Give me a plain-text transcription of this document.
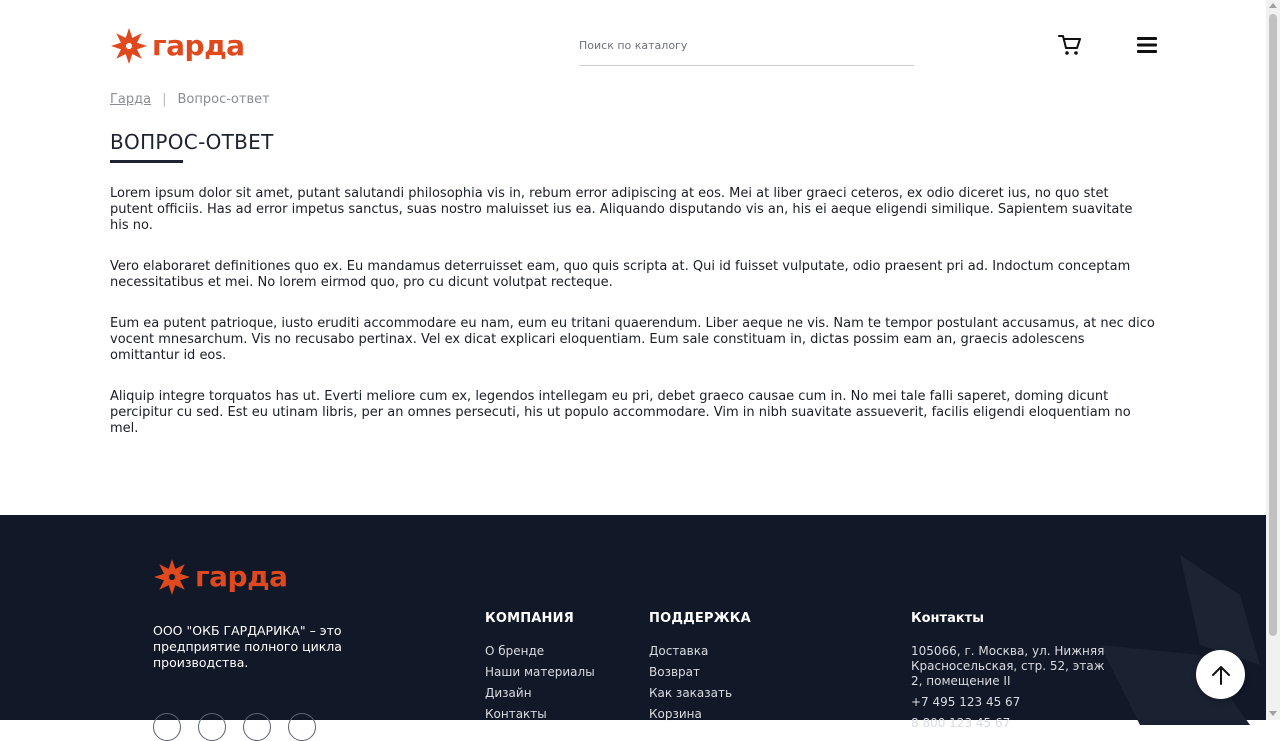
гарда
Поиск по каталогу
Гарда | Вопрос-ответ
ВОПРОС-ОТВЕТ

Lorem ipsum dolor sit amet, putant salutandi philosophia vis in, rebum error adipiscing at eos. Mei at liber graeci ceteros, ex odio diceret ius, no quo stet putent officiis. Has ad error impetus sanctus, suas nostro maluisset ius ea. Aliquando disputando vis an, his ei aeque eligendi similique. Sapientem suavitate his no.

Vero elaboraret definitiones quo ex. Eu mandamus deterruisset eam, quo quis scripta at. Qui id fuisset vulputate, odio praesent pri ad. Indoctum conceptam necessitatibus et mei. No lorem eirmod quo, pro cu dicunt volutpat recteque.

Eum ea putent patrioque, iusto eruditi accommodare eu nam, eum eu tritani quaerendum. Liber aeque ne vis. Nam te tempor postulant accusamus, at nec dico vocent mnesarchum. Vis no recusabo pertinax. Vel ex dicat explicari eloquentiam. Eum sale constituam in, dictas possim eam an, graecis adolescens omittantur id eos.

Aliquip integre torquatos has ut. Everti meliore cum ex, legendos intellegam eu pri, debet graeco causae cum in. No mei tale falli saperet, doming dicunt percipitur cu sed. Est eu utinam libris, per an omnes persecuti, his ut populo accommodare. Vim in nibh suavitate assueverit, facilis eligendi eloquentiam no mel.

гарда
ООО "ОКБ ГАРДАРИКА" – это предприятие полного цикла производства.
КОМПАНИЯ
О бренде
Наши материалы
Дизайн
Контакты
ПОДДЕРЖКА
Доставка
Возврат
Как заказать
Корзина
Контакты
105066, г. Москва, ул. Нижняя Красносельская, стр. 52, этаж 2, помещение II
+7 495 123 45 67
8 800 123 45 67
